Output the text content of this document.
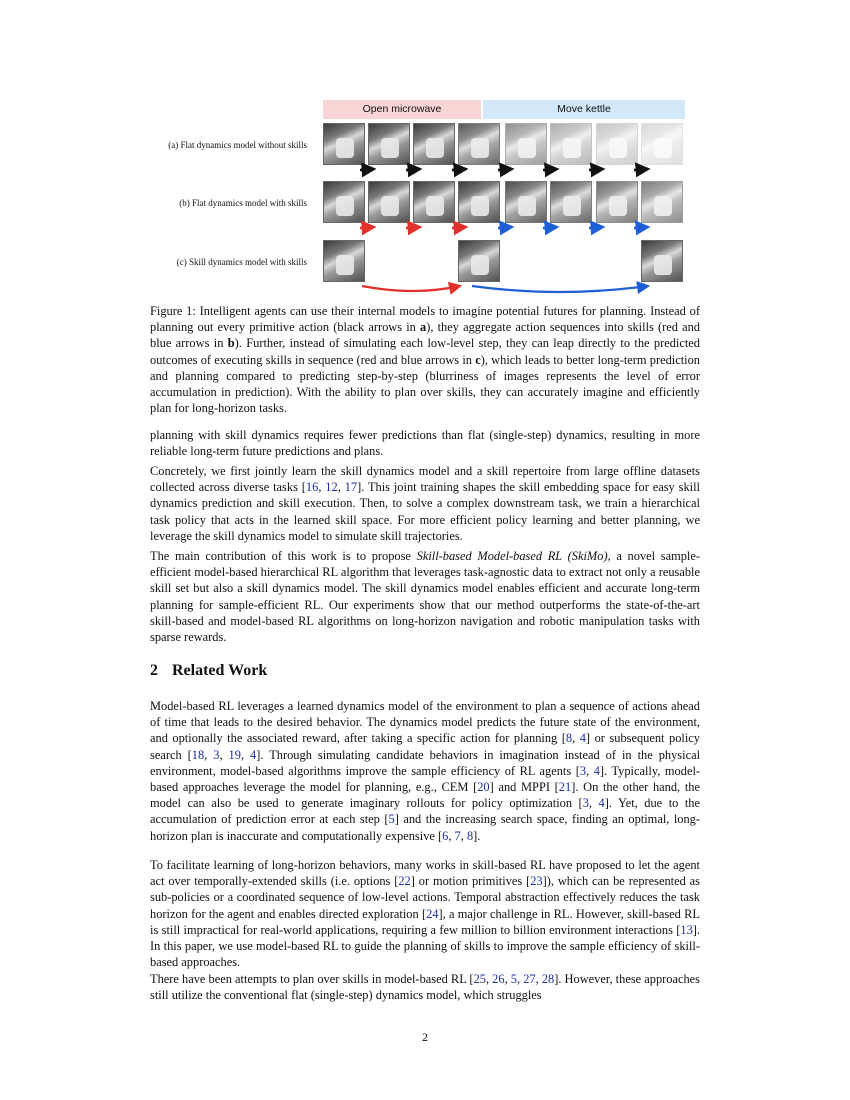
Open microwave	Move kettle
(a) Flat dynamics model without skills
(b) Flat dynamics model with skills
(c) Skill dynamics model with skills
Figure 1: Intelligent agents can use their internal models to imagine potential futures for planning. Instead of planning out every primitive action (black arrows in a), they aggregate action sequences into skills (red and blue arrows in b). Further, instead of simulating each low-level step, they can leap directly to the predicted outcomes of executing skills in sequence (red and blue arrows in c), which leads to better long-term prediction and planning compared to predicting step-by-step (blurriness of images represents the level of error accumulation in prediction). With the ability to plan over skills, they can accurately imagine and efficiently plan for long-horizon tasks.

planning with skill dynamics requires fewer predictions than flat (single-step) dynamics, resulting in more reliable long-term future predictions and plans.

Concretely, we first jointly learn the skill dynamics model and a skill repertoire from large offline datasets collected across diverse tasks [16, 12, 17]. This joint training shapes the skill embedding space for easy skill dynamics prediction and skill execution. Then, to solve a complex downstream task, we train a hierarchical task policy that acts in the learned skill space. For more efficient policy learning and better planning, we leverage the skill dynamics model to simulate skill trajectories.

The main contribution of this work is to propose Skill-based Model-based RL (SkiMo), a novel sample-efficient model-based hierarchical RL algorithm that leverages task-agnostic data to extract not only a reusable skill set but also a skill dynamics model. The skill dynamics model enables efficient and accurate long-term planning for sample-efficient RL. Our experiments show that our method outperforms the state-of-the-art skill-based and model-based RL algorithms on long-horizon navigation and robotic manipulation tasks with sparse rewards.

2 Related Work

Model-based RL leverages a learned dynamics model of the environment to plan a sequence of actions ahead of time that leads to the desired behavior. The dynamics model predicts the future state of the environment, and optionally the associated reward, after taking a specific action for planning [8, 4] or subsequent policy search [18, 3, 19, 4]. Through simulating candidate behaviors in imagination instead of in the physical environment, model-based algorithms improve the sample efficiency of RL agents [3, 4]. Typically, model-based approaches leverage the model for planning, e.g., CEM [20] and MPPI [21]. On the other hand, the model can also be used to generate imaginary rollouts for policy optimization [3, 4]. Yet, due to the accumulation of prediction error at each step [5] and the increasing search space, finding an optimal, long-horizon plan is inaccurate and computationally expensive [6, 7, 8].

To facilitate learning of long-horizon behaviors, many works in skill-based RL have proposed to let the agent act over temporally-extended skills (i.e. options [22] or motion primitives [23]), which can be represented as sub-policies or a coordinated sequence of low-level actions. Temporal abstraction effectively reduces the task horizon for the agent and enables directed exploration [24], a major challenge in RL. However, skill-based RL is still impractical for real-world applications, requiring a few million to billion environment interactions [13]. In this paper, we use model-based RL to guide the planning of skills to improve the sample efficiency of skill-based approaches.

There have been attempts to plan over skills in model-based RL [25, 26, 5, 27, 28]. However, these approaches still utilize the conventional flat (single-step) dynamics model, which struggles

2
